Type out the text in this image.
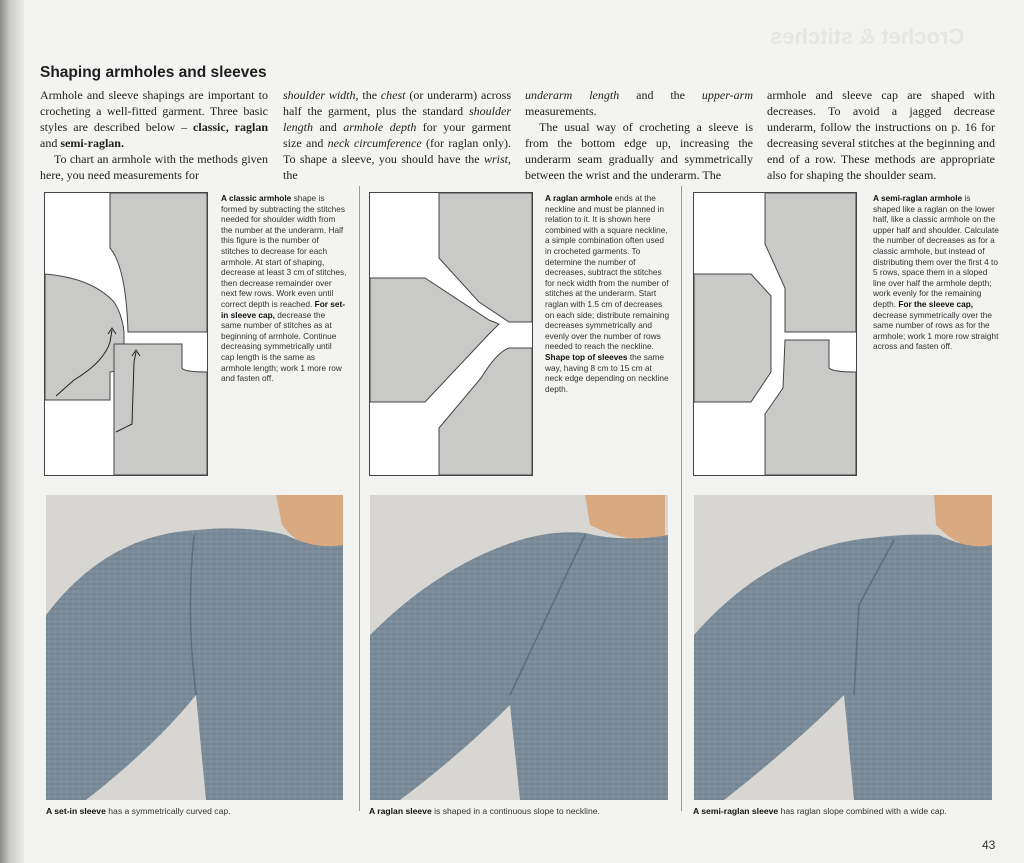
Crochet & stitches
Shaping armholes and sleeves

Armhole and sleeve shapings are important to crocheting a well-fitted garment. Three basic styles are described below – classic, raglan and semi-raglan.

To chart an armhole with the methods given here, you need measurements for

shoulder width, the chest (or underarm) across half the garment, plus the standard shoulder length and armhole depth for your garment size and neck circumference (for raglan only). To shape a sleeve, you should have the wrist, the

underarm length and the upper-arm measurements.

The usual way of crocheting a sleeve is from the bottom edge up, increasing the underarm seam gradually and symmetrically between the wrist and the underarm. The

armhole and sleeve cap are shaped with decreases. To avoid a jagged decrease underarm, follow the instructions on p. 16 for decreasing several stitches at the beginning and end of a row. These methods are appropriate also for shaping the shoulder seam.

A classic armhole shape is formed by subtracting the stitches needed for shoulder width from the number at the underarm. Half this figure is the number of stitches to decrease for each armhole. At start of shaping, decrease at least 3 cm of stitches, then decrease remainder over next few rows. Work even until correct depth is reached. For set-in sleeve cap, decrease the same number of stitches as at beginning of armhole. Continue decreasing symmetrically until cap length is the same as armhole length; work 1 more row and fasten off.
A raglan armhole ends at the neckline and must be planned in relation to it. It is shown here combined with a square neckline, a simple combination often used in crocheted garments. To determine the number of decreases, subtract the stitches for neck width from the number of stitches at the underarm. Start raglan with 1.5 cm of decreases on each side; distribute remaining decreases symmetrically and evenly over the number of rows needed to reach the neckline. Shape top of sleeves the same way, having 8 cm to 15 cm at neck edge depending on neckline depth.
A semi-raglan armhole is shaped like a raglan on the lower half, like a classic armhole on the upper half and shoulder. Calculate the number of decreases as for a classic armhole, but instead of distributing them over the first 4 to 5 rows, space them in a sloped line over half the armhole depth; work evenly for the remaining depth. For the sleeve cap, decrease symmetrically over the same number of rows as for the armhole; work 1 more row straight across and fasten off.
A set-in sleeve has a symmetrically curved cap.	A raglan sleeve is shaped in a continuous slope to neckline.	A semi-raglan sleeve has raglan slope combined with a wide cap.
43
